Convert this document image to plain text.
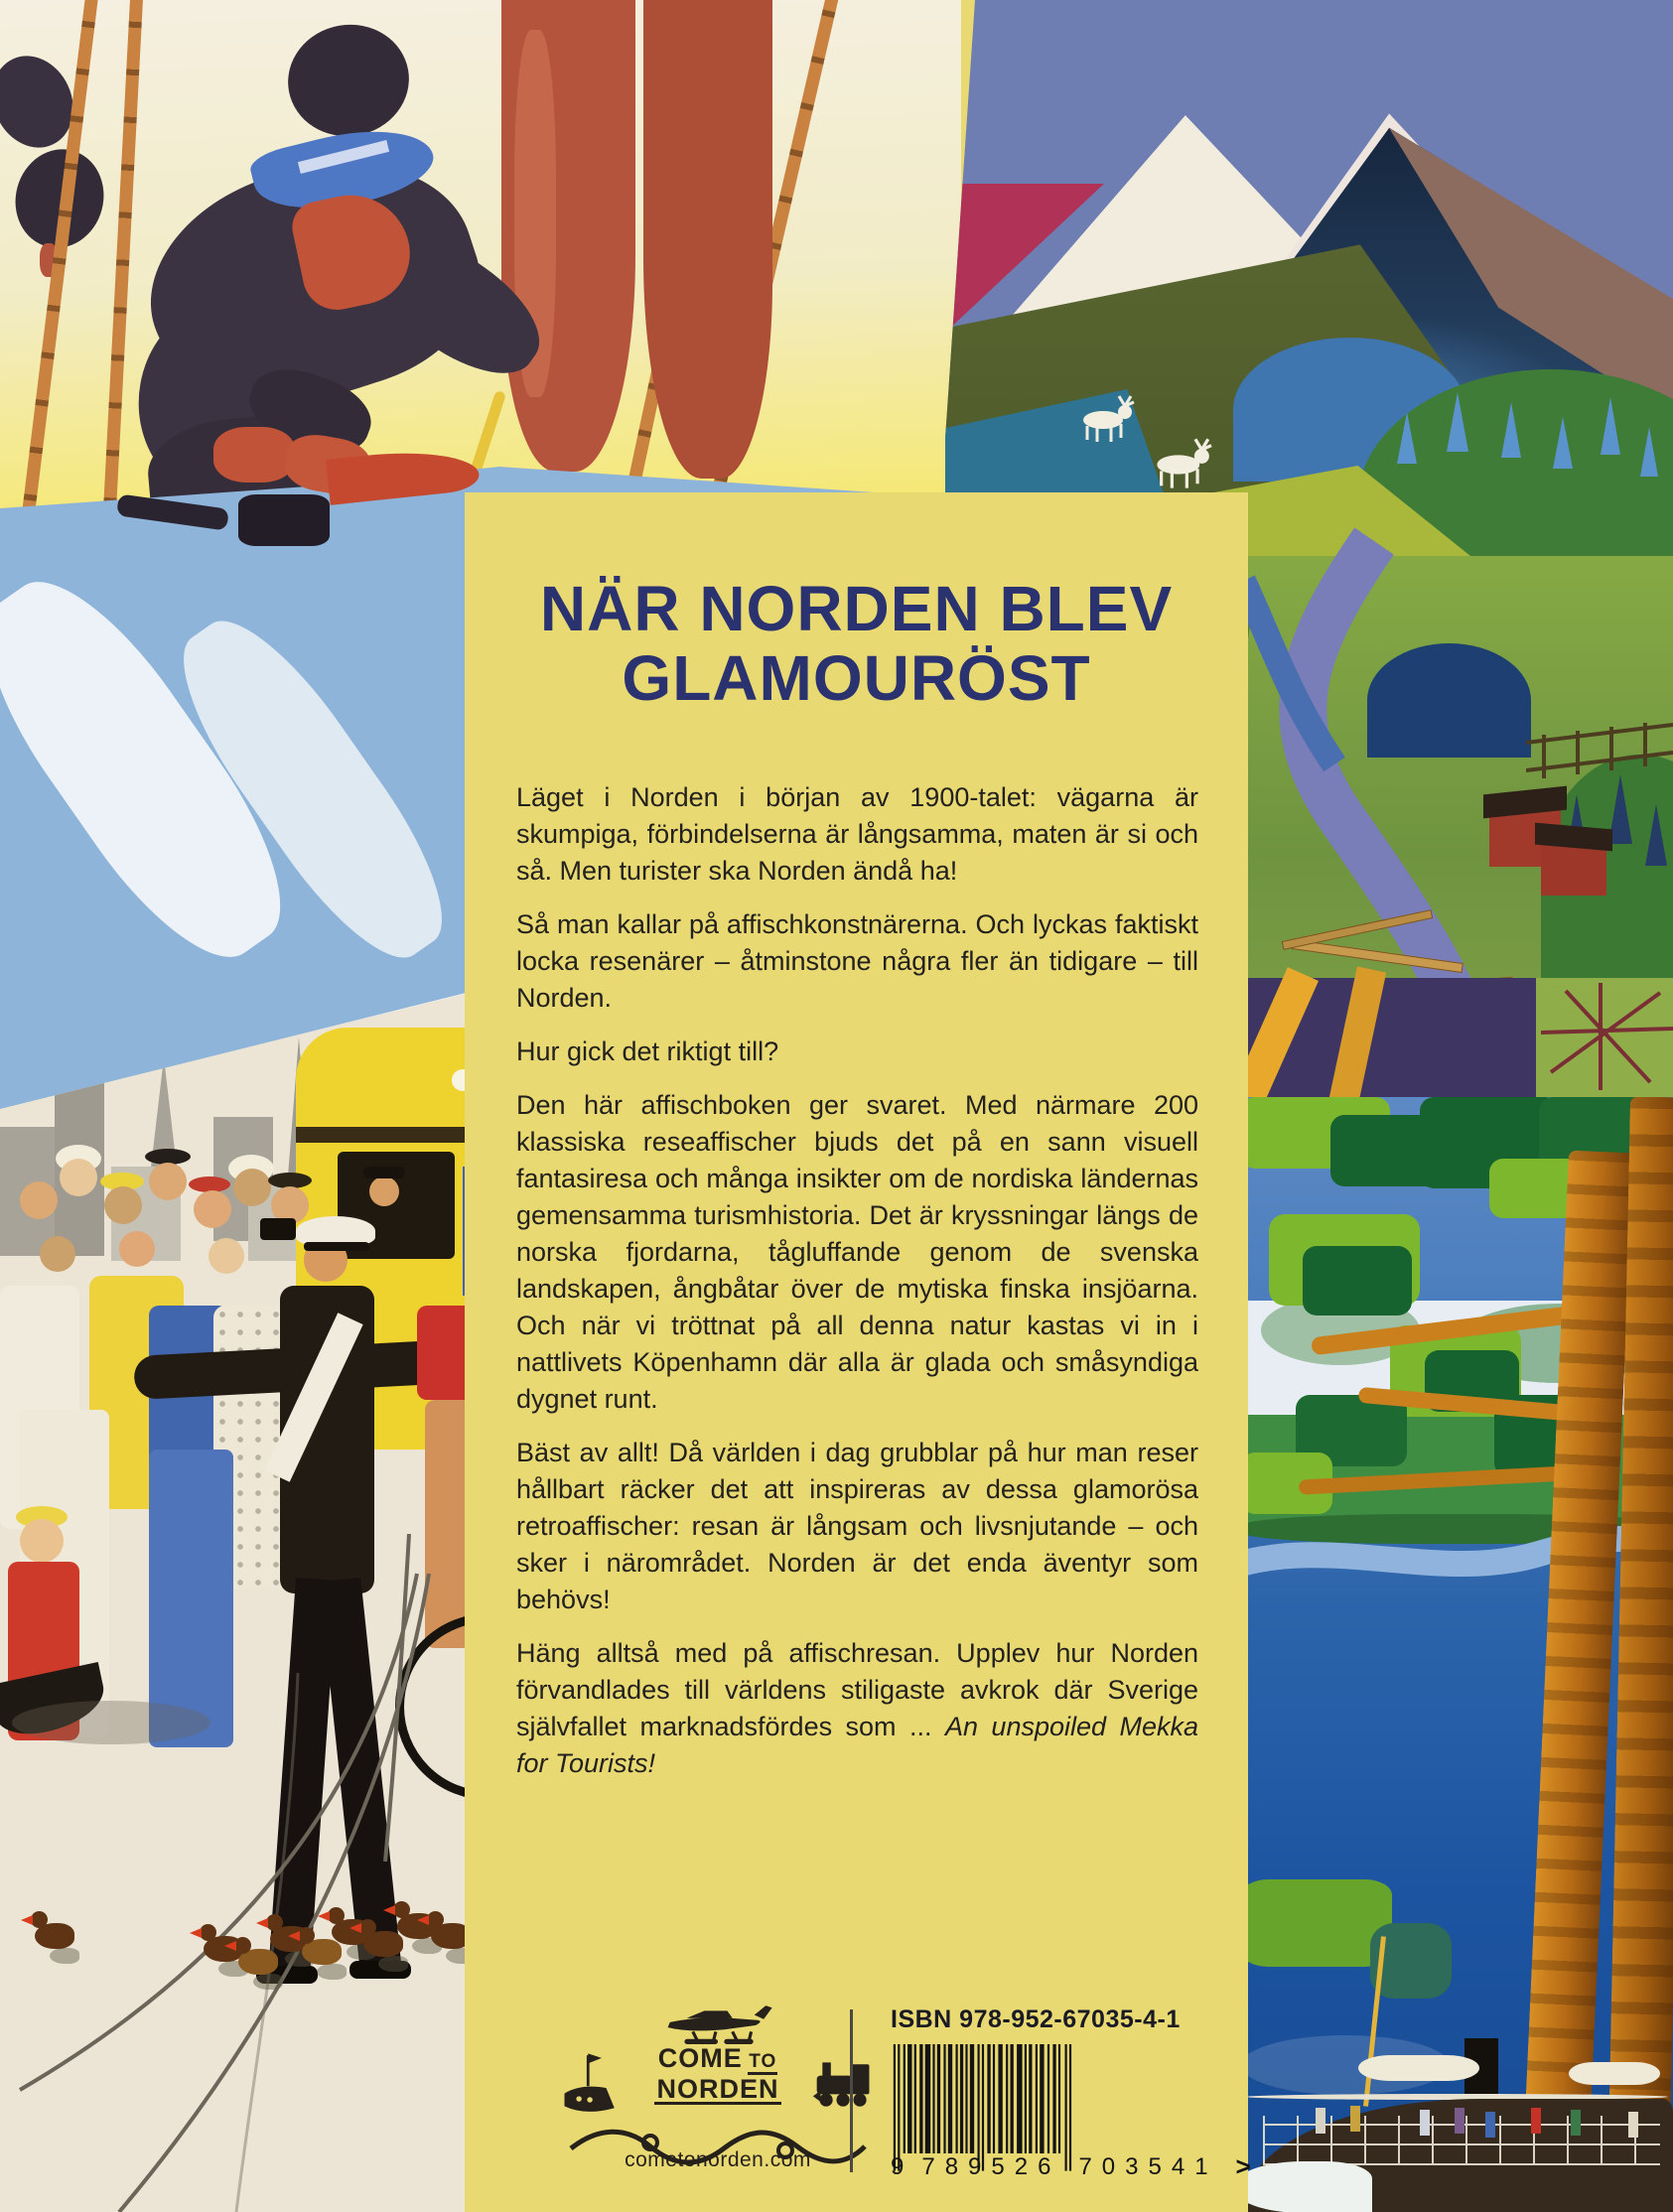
NÄR NORDEN BLEV
GLAMOURÖST

Läget i Norden i början av 1900-talet: vägarna är skumpiga, förbindelserna är långsamma, maten är si och så. Men turister ska Norden ändå ha!

Så man kallar på affischkonstnärerna. Och lyckas faktiskt locka resenärer – åtminstone några fler än tidigare – till Norden.

Hur gick det riktigt till?

Den här affischboken ger svaret. Med närmare 200 klassiska reseaffischer bjuds det på en sann visuell fantasiresa och många insikter om de nordiska ländernas gemensamma turismhistoria. Det är kryssningar längs de norska fjordarna, tågluffande genom de svenska landskapen, ångbåtar över de mytiska finska insjöarna. Och när vi tröttnat på all denna natur kastas vi in i nattlivets Köpenhamn där alla är glada och småsyndiga dygnet runt.

Bäst av allt! Då världen i dag grubblar på hur man reser hållbart räcker det att inspireras av dessa glamorösa retroaffischer: resan är långsam och livsnjutande – och sker i närområdet. Norden är det enda äventyr som behövs!

Häng alltså med på affischresan. Upplev hur Norden förvandlades till världens stiligaste avkrok där Sverige självfallet marknadsfördes som ... An unspoiled Mekka for Tourists!

COME TO
NORDEN
cometonorden.com
ISBN 978-952-67035-4-1
9 789526 703541 >
